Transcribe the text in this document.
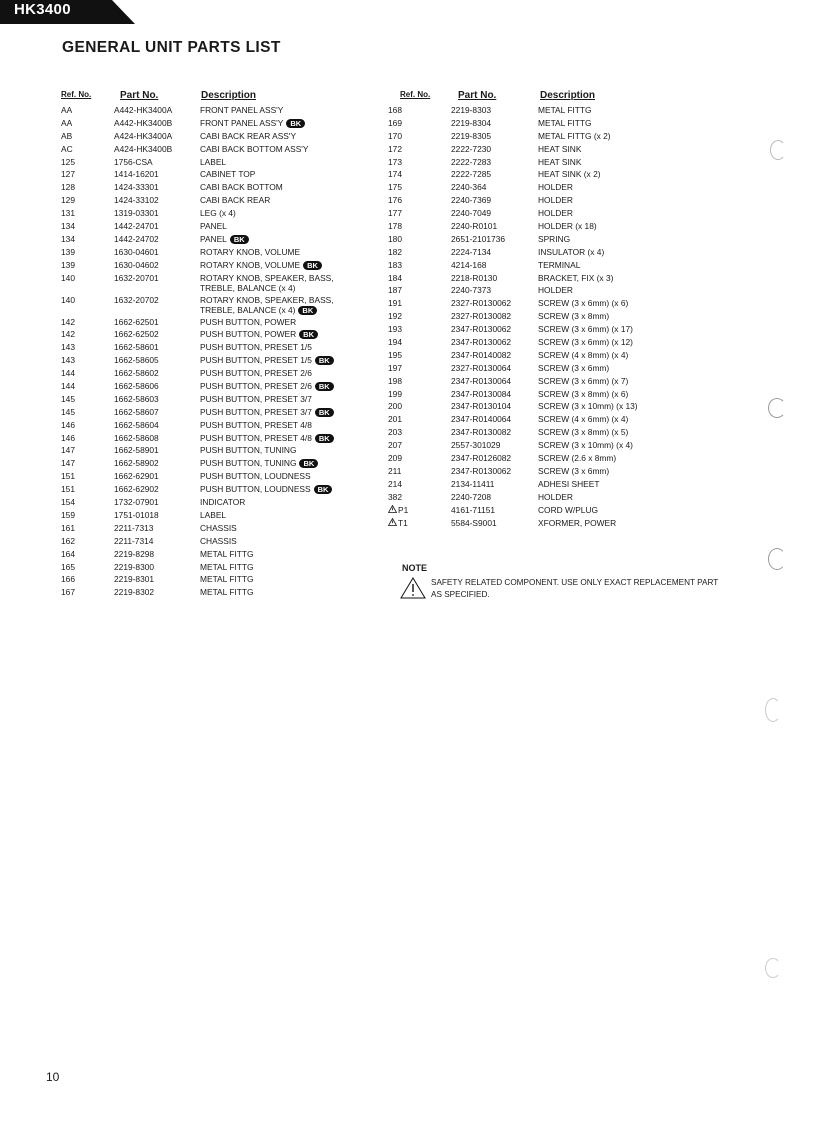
HK3400
GENERAL UNIT PARTS LIST
Ref. No.	Part No.	Description
AA	A442-HK3400A	FRONT PANEL ASS'Y
AA	A442-HK3400B	FRONT PANEL ASS'Y BK
AB	A424-HK3400A	CABI BACK REAR ASS'Y
AC	A424-HK3400B	CABI BACK BOTTOM ASS'Y
125	1756-CSA	LABEL
127	1414-16201	CABINET TOP
128	1424-33301	CABI BACK BOTTOM
129	1424-33102	CABI BACK REAR
131	1319-03301	LEG (x 4)
134	1442-24701	PANEL
134	1442-24702	PANEL BK
139	1630-04601	ROTARY KNOB, VOLUME
139	1630-04602	ROTARY KNOB, VOLUME BK
140	1632-20701	ROTARY KNOB, SPEAKER, BASS,
TREBLE, BALANCE (x 4)
140	1632-20702	ROTARY KNOB, SPEAKER, BASS,
TREBLE, BALANCE (x 4) BK
142	1662-62501	PUSH BUTTON, POWER
142	1662-62502	PUSH BUTTON, POWER BK
143	1662-58601	PUSH BUTTON, PRESET 1/5
143	1662-58605	PUSH BUTTON, PRESET 1/5 BK
144	1662-58602	PUSH BUTTON, PRESET 2/6
144	1662-58606	PUSH BUTTON, PRESET 2/6 BK
145	1662-58603	PUSH BUTTON, PRESET 3/7
145	1662-58607	PUSH BUTTON, PRESET 3/7 BK
146	1662-58604	PUSH BUTTON, PRESET 4/8
146	1662-58608	PUSH BUTTON, PRESET 4/8 BK
147	1662-58901	PUSH BUTTON, TUNING
147	1662-58902	PUSH BUTTON, TUNING BK
151	1662-62901	PUSH BUTTON, LOUDNESS
151	1662-62902	PUSH BUTTON, LOUDNESS BK
154	1732-07901	INDICATOR
159	1751-01018	LABEL
161	2211-7313	CHASSIS
162	2211-7314	CHASSIS
164	2219-8298	METAL FITTG
165	2219-8300	METAL FITTG
166	2219-8301	METAL FITTG
167	2219-8302	METAL FITTG
Ref. No.	Part No.	Description
168	2219-8303	METAL FITTG
169	2219-8304	METAL FITTG
170	2219-8305	METAL FITTG (x 2)
172	2222-7230	HEAT SINK
173	2222-7283	HEAT SINK
174	2222-7285	HEAT SINK (x 2)
175	2240-364	HOLDER
176	2240-7369	HOLDER
177	2240-7049	HOLDER
178	2240-R0101	HOLDER (x 18)
180	2651-2101736	SPRING
182	2224-7134	INSULATOR (x 4)
183	4214-168	TERMINAL
184	2218-R0130	BRACKET, FIX (x 3)
187	2240-7373	HOLDER
191	2327-R0130062	SCREW (3 x 6mm) (x 6)
192	2327-R0130082	SCREW (3 x 8mm)
193	2347-R0130062	SCREW (3 x 6mm) (x 17)
194	2347-R0130062	SCREW (3 x 6mm) (x 12)
195	2347-R0140082	SCREW (4 x 8mm) (x 4)
197	2327-R0130064	SCREW (3 x 6mm)
198	2347-R0130064	SCREW (3 x 6mm) (x 7)
199	2347-R0130084	SCREW (3 x 8mm) (x 6)
200	2347-R0130104	SCREW (3 x 10mm) (x 13)
201	2347-R0140064	SCREW (4 x 6mm) (x 4)
203	2347-R0130082	SCREW (3 x 8mm) (x 5)
207	2557-301029	SCREW (3 x 10mm) (x 4)
209	2347-R0126082	SCREW (2.6 x 8mm)
211	2347-R0130062	SCREW (3 x 6mm)
214	2134-11411	ADHESI SHEET
382	2240-7208	HOLDER
P1	4161-71151	CORD W/PLUG
T1	5584-S9001	XFORMER, POWER
NOTE
SAFETY RELATED COMPONENT. USE ONLY EXACT REPLACEMENT PART AS SPECIFIED.
10
